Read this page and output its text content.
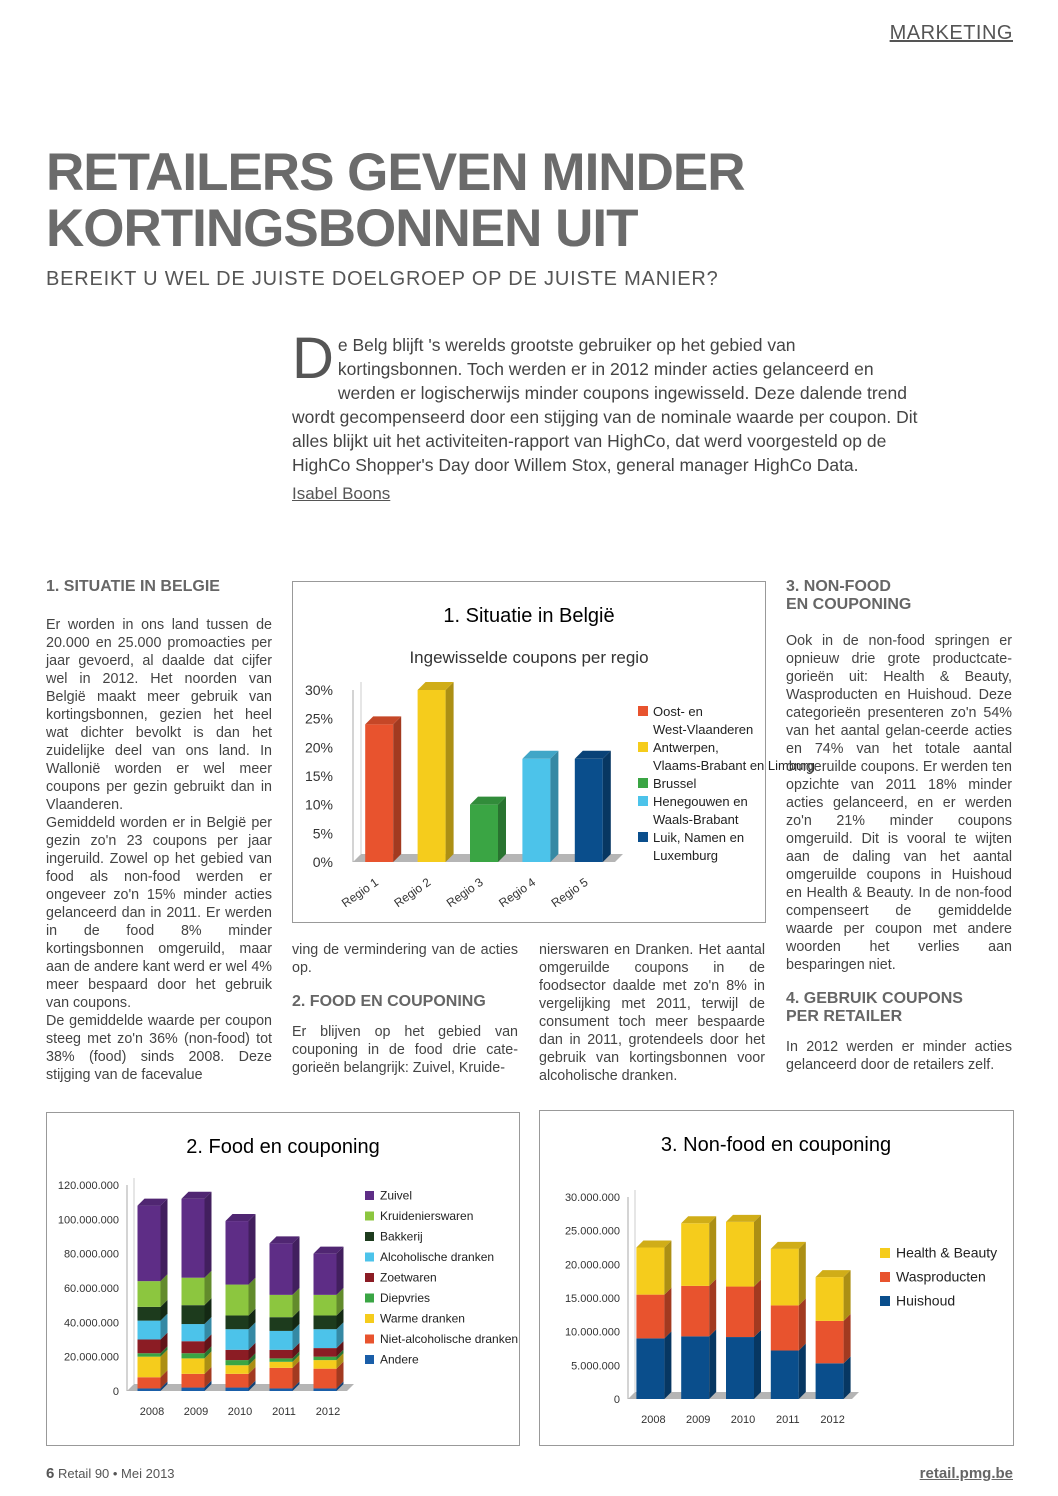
MARKETING
RETAILERS GEVEN MINDER
KORTINGSBONNEN UIT
BEREIKT U WEL DE JUISTE DOELGROEP OP DE JUISTE MANIER?
De Belg blijft 's werelds grootste gebruiker op het gebied van kortingsbonnen. Toch werden er in 2012 minder acties gelanceerd en werden er logischerwijs minder coupons ingewisseld. Deze dalende trend wordt gecompenseerd door een stijging van de nominale waarde per coupon. Dit alles blijkt uit het activiteiten-rapport van HighCo, dat werd voorgesteld op de HighCo Shopper's Day door Willem Stox, general manager HighCo Data.
Isabel Boons
1. SITUATIE IN BELGIE

Er worden in ons land tussen de 20.000 en 25.000 promoacties per jaar gevoerd, al daalde dat cijfer wel in 2012. Het noorden van België maakt meer gebruik van kortingsbonnen, gezien het heel wat dichter bevolkt is dan het zuidelijke deel van ons land. In Wallonië worden er wel meer coupons per gezin gebruikt dan in Vlaanderen.

Gemiddeld worden er in België per gezin zo'n 23 coupons per jaar ingeruild. Zowel op het gebied van food als non-food werden er ongeveer zo'n 15% minder acties gelanceerd dan in 2011. Er werden in de food 8% minder kortingsbonnen omgeruild, maar aan de andere kant werd er wel 4% meer bespaard door het gebruik van coupons.

De gemiddelde waarde per coupon steeg met zo'n 36% (non-food) tot 38% (food) sinds 2008. Deze stijging van de facevalue

1. Situatie in België
Ingewisselde coupons per regio
0%
5%
10%
15%
20%
25%
30%
Regio 1 Regio 2 Regio 3 Regio 4 Regio 5
Oost- en
West-Vlaanderen
Antwerpen,
Vlaams-Brabant en Limburg
Brussel
Henegouwen en
Waals-Brabant
Luik, Namen en
Luxemburg

ving de vermindering van de acties op.

2. FOOD EN COUPONING

Er blijven op het gebied van couponing in de food drie cate-gorieën belangrijk: Zuivel, Kruide-

nierswaren en Dranken. Het aantal omgeruilde coupons in de foodsector daalde met zo'n 8% in vergelijking met 2011, terwijl de consument toch meer bespaarde dan in 2011, grotendeels door het gebruik van kortingsbonnen voor alcoholische dranken.

3. NON-FOOD
EN COUPONING

Ook in de non-food springen er opnieuw drie grote productcate-gorieën uit: Health & Beauty, Wasproducten en Huishoud. Deze categorieën presenteren zo'n 54% van het aantal gelan-ceerde acties en 74% van het totale aantal omgeruilde coupons. Er werden ten opzichte van 2011 18% minder acties gelanceerd, en er werden zo'n 21% minder coupons omgeruild. Dit is vooral te wijten aan de daling van het aantal omgeruilde coupons in Huishoud en Health & Beauty. In de non-food compenseert de gemiddelde waarde per coupon met andere woorden het verlies aan besparingen niet.

4. GEBRUIK COUPONS
PER RETAILER

In 2012 werden er minder acties gelanceerd door de retailers zelf.

2. Food en couponing
0
20.000.000
40.000.000
60.000.000
80.000.000
100.000.000
120.000.000
2008 2009 2010 2011 2012
Zuivel
Kruidenierswaren
Bakkerij
Alcoholische dranken
Zoetwaren
Diepvries
Warme dranken
Niet-alcoholische dranken
Andere
3. Non-food en couponing
0
5.000.000
10.000.000
15.000.000
20.000.000
25.000.000
30.000.000
2008 2009 2010 2011 2012
Health & Beauty
Wasproducten
Huishoud
6 Retail 90 • Mei 2013	retail.pmg.be
